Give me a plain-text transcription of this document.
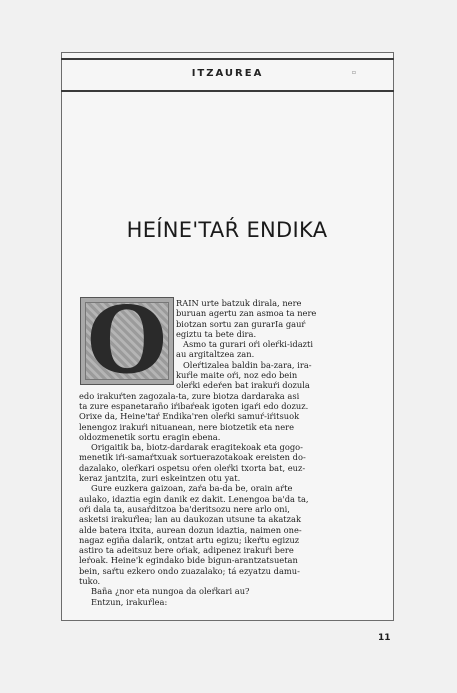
ITZAUREA	▫
HEÍNE'TAŔ ENDIKA
O	RAIN urte batzuk dirala, nere
buruan agertu zan asmoa ta nere
biotzan sortu zan gurarIa gauŕ
egiztu ta bete dira.
Asmo ta gurari oŕi oleŕki-idazti
au argitaltzea zan.
Oleŕtizalea baldin ba-zara, ira-
kuŕle maite oŕi, noz edo bein
oleŕki edeŕen bat irakuŕi dozula
edo irakuŕten zagozala-ta, zure biotza dardaraka asi
ta zure espanetaraño iŕibaŕeak igoten igaŕi edo dozuz.
Orixe da, Heine'taŕ Endika'ren oleŕki samuŕ-iŕitsuok
lenengoz irakuŕi nituanean, nere biotzetik eta nere
oldozmenetik sortu eragin ebena.
Origaitik ba, biotz-dardarak eragitekoak eta gogo-
menetik iŕi-samaŕtxuak sortuerazotakoak ereisten do-
dazalako, oleŕkari ospetsu oŕen oleŕki txorta bat, euz-
keraz jantzita, zuri eskeintzen otu yat.
Gure euzkera gaizoan, zaŕa ba-da be, orain aŕte
aulako, idaztia egin danik ez dakit. Lenengoa ba'da ta,
oŕi dala ta, ausaŕditzoa ba'deritsozu nere arlo oni,
asketsi irakuŕlea; lan au daukozan utsune ta akatzak
alde batera itxita, aurean dozun idaztia, naimen one-
nagaz egiña dalarik, ontzat artu egizu; ikeŕtu egizuz
astiro ta adeitsuz bere oŕiak, adipenez irakuŕi bere
leŕoak. Heine'k egindako bide bigun-arantzatsuetan
bein, saŕtu ezkero ondo zuazalako; tá ezyatzu damu-
tuko.
Baña ¿nor eta nungoa da oleŕkari au?
Entzun, irakuŕlea:
11
